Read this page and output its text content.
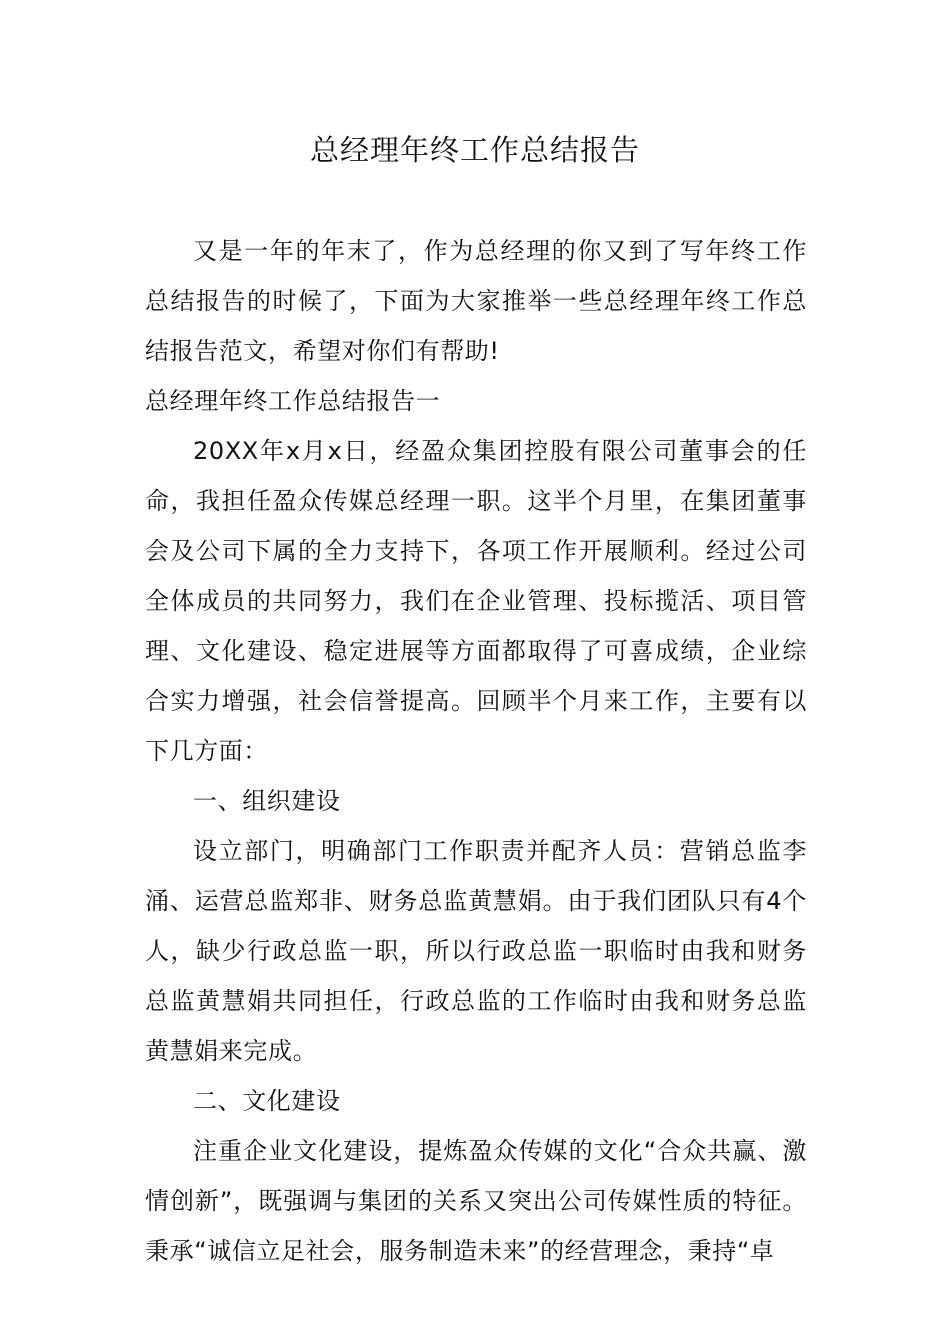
总经理年终工作总结报告

又是一年的年末了，作为总经理的你又到了写年终工作总结报告的时候了，下面为大家推举一些总经理年终工作总结报告范文，希望对你们有帮助!

总经理年终工作总结报告一

20XX年x月x日，经盈众集团控股有限公司董事会的任命，我担任盈众传媒总经理一职。这半个月里，在集团董事会及公司下属的全力支持下，各项工作开展顺利。经过公司全体成员的共同努力，我们在企业管理、投标揽活、项目管理、文化建设、稳定进展等方面都取得了可喜成绩，企业综合实力增强，社会信誉提高。回顾半个月来工作，主要有以下几方面：

一、组织建设

设立部门，明确部门工作职责并配齐人员：营销总监李涌、运营总监郑非、财务总监黄慧娟。由于我们团队只有4个人，缺少行政总监一职，所以行政总监一职临时由我和财务总监黄慧娟共同担任，行政总监的工作临时由我和财务总监黄慧娟来完成。

二、文化建设

注重企业文化建设，提炼盈众传媒的文化“合众共赢、激情创新”，既强调与集团的关系又突出公司传媒性质的特征。秉承“诚信立足社会，服务制造未来”的经营理念，秉持“卓
